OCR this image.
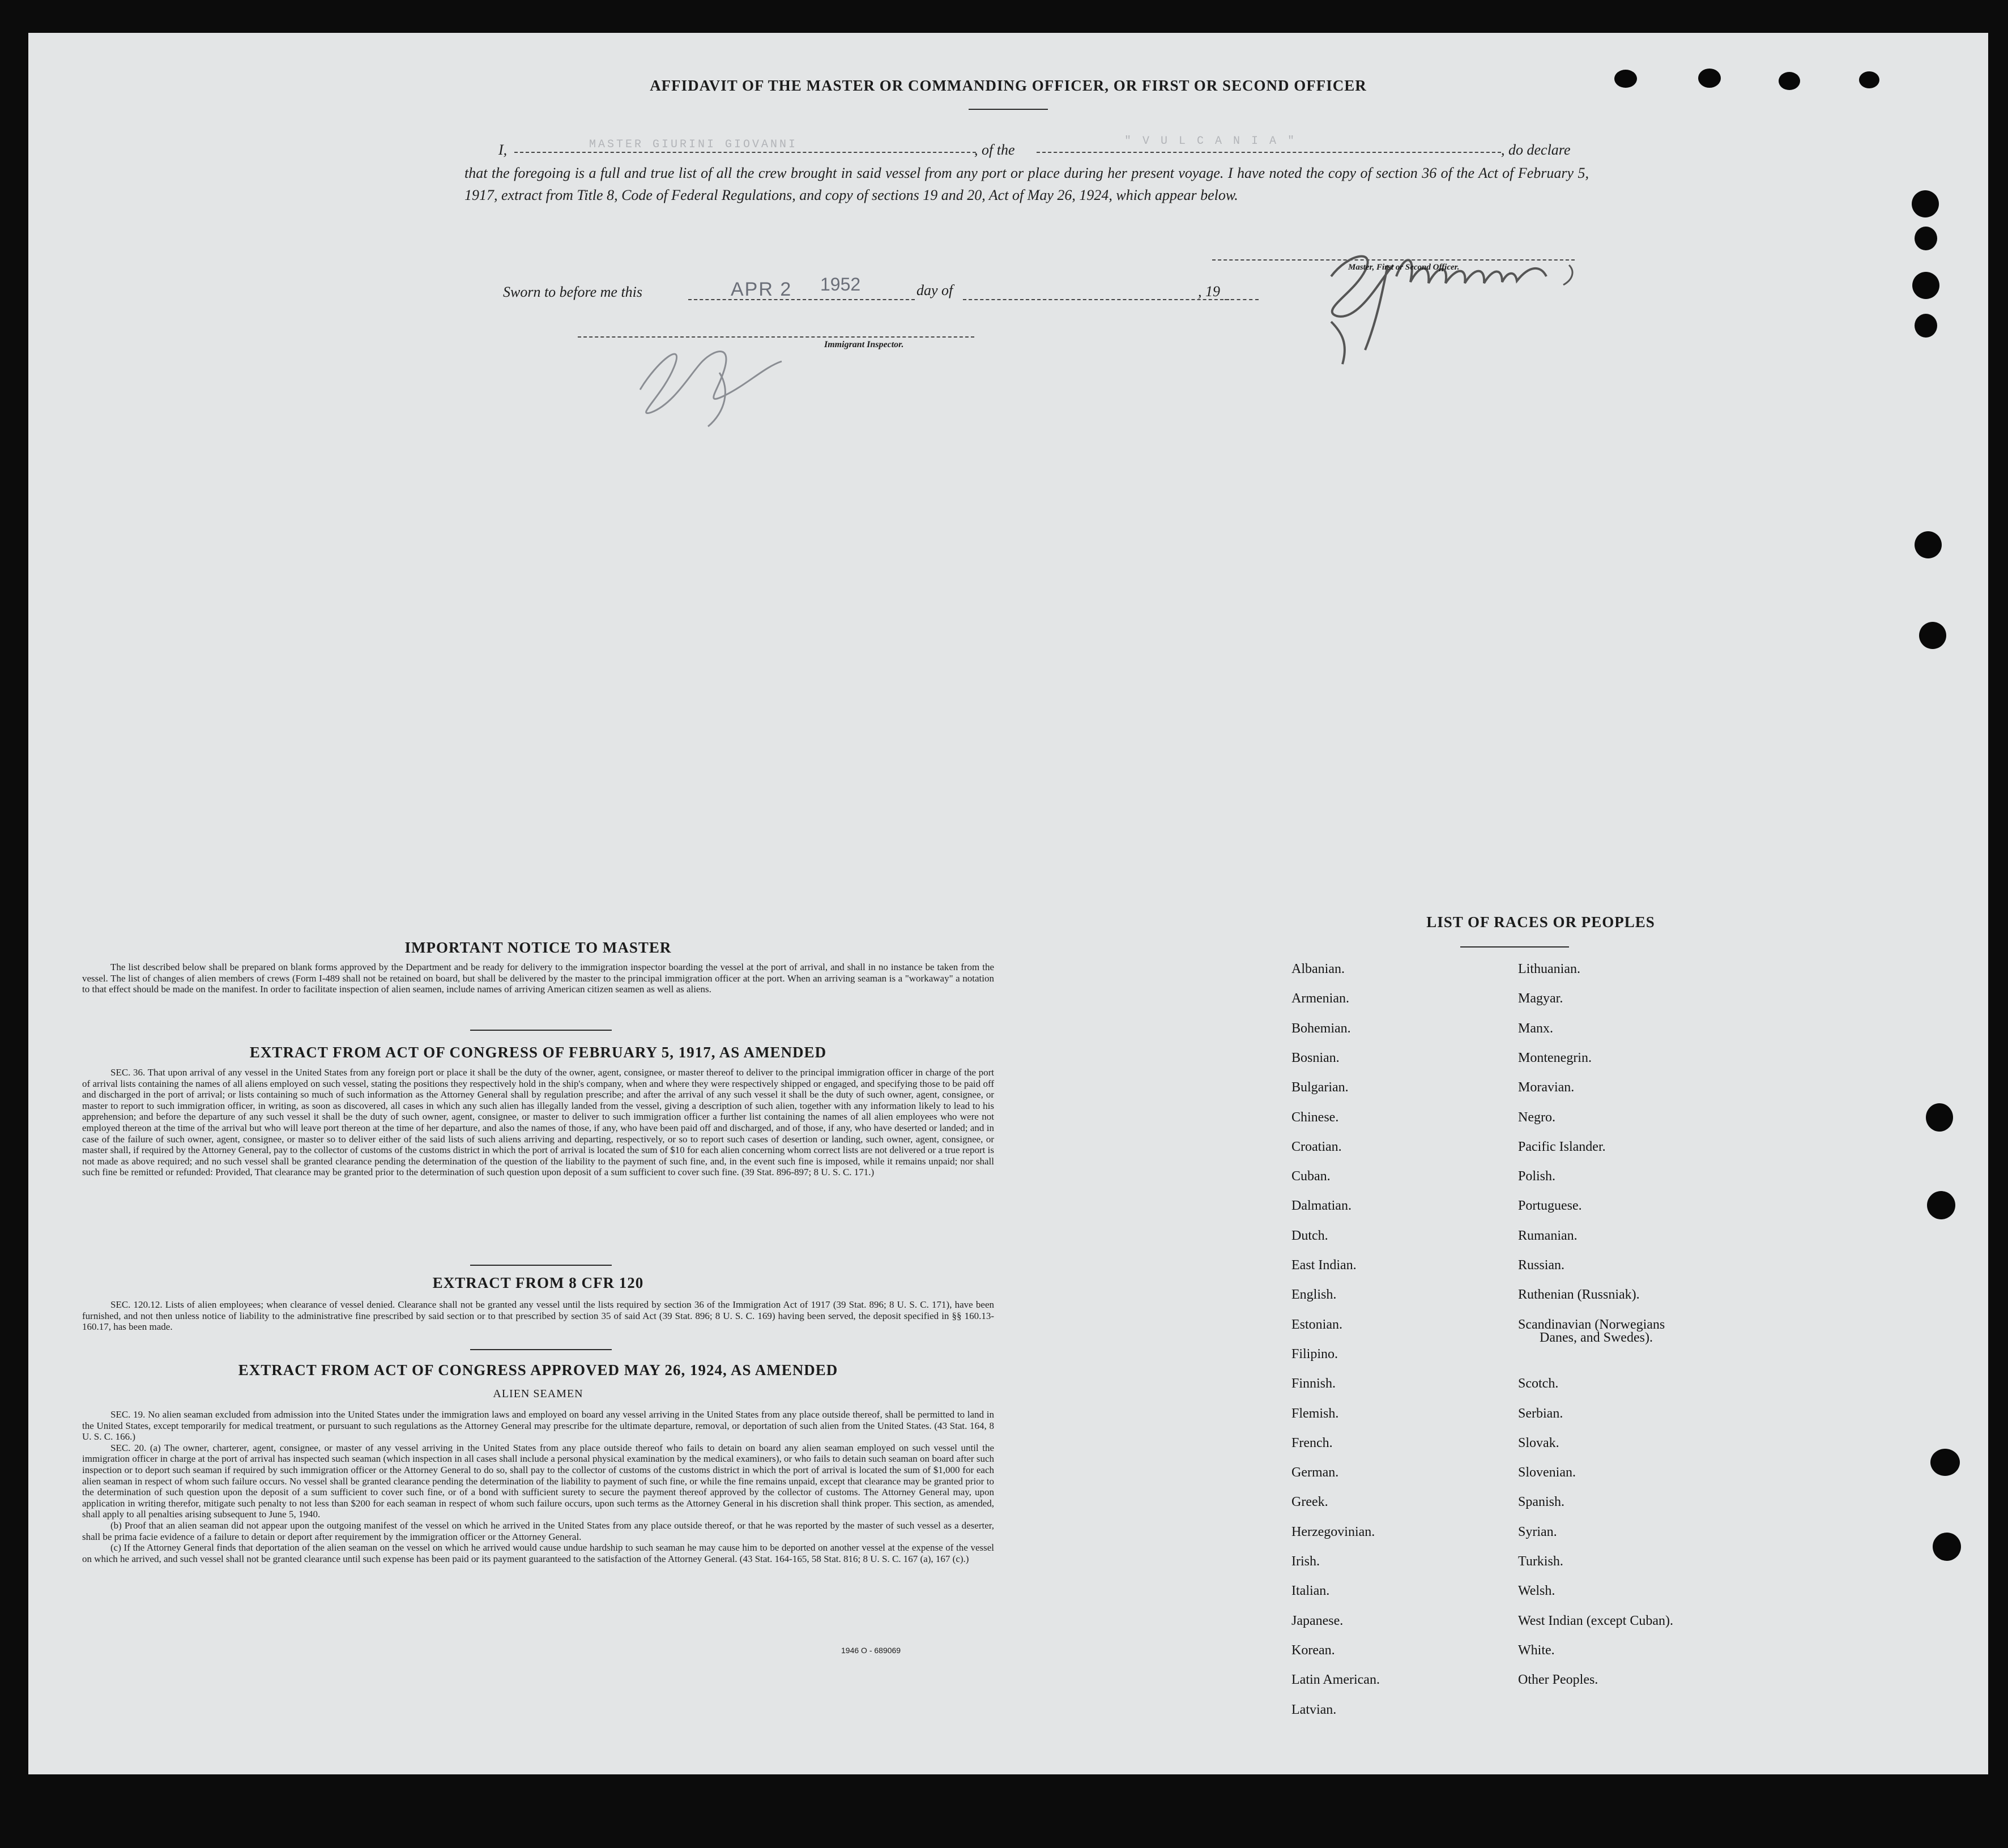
AFFIDAVIT OF THE MASTER OR COMMANDING OFFICER, OR FIRST OR SECOND OFFICER
I,	MASTER GIURINI GIOVANNI	, of the
" V U L C A N I A "
, do declare
that the foregoing is a full and true list of all the crew brought in said vessel from any port or place during her present voyage. I have noted the copy of section 36 of the Act of February 5, 1917, extract from Title 8, Code of Federal Regulations, and copy of sections 19 and 20, Act of May 26, 1924, which appear below.
Master, First or Second Officer.
Sworn to before me this	APR 2 1952	day of	, 19
Immigrant Inspector.
IMPORTANT NOTICE TO MASTER

The list described below shall be prepared on blank forms approved by the Department and be ready for delivery to the immigration inspector boarding the vessel at the port of arrival, and shall in no instance be taken from the vessel. The list of changes of alien members of crews (Form I-489 shall not be retained on board, but shall be delivered by the master to the principal immigration officer at the port. When an arriving seaman is a "workaway" a notation to that effect should be made on the manifest. In order to facilitate inspection of alien seamen, include names of arriving American citizen seamen as well as aliens.

EXTRACT FROM ACT OF CONGRESS OF FEBRUARY 5, 1917, AS AMENDED

SEC. 36. That upon arrival of any vessel in the United States from any foreign port or place it shall be the duty of the owner, agent, consignee, or master thereof to deliver to the principal immigration officer in charge of the port of arrival lists containing the names of all aliens employed on such vessel, stating the positions they respectively hold in the ship's company, when and where they were respectively shipped or engaged, and specifying those to be paid off and discharged in the port of arrival; or lists containing so much of such information as the Attorney General shall by regulation prescribe; and after the arrival of any such vessel it shall be the duty of such owner, agent, consignee, or master to report to such immigration officer, in writing, as soon as discovered, all cases in which any such alien has illegally landed from the vessel, giving a description of such alien, together with any information likely to lead to his apprehension; and before the departure of any such vessel it shall be the duty of such owner, agent, consignee, or master to deliver to such immigration officer a further list containing the names of all alien employees who were not employed thereon at the time of the arrival but who will leave port thereon at the time of her departure, and also the names of those, if any, who have been paid off and discharged, and of those, if any, who have deserted or landed; and in case of the failure of such owner, agent, consignee, or master so to deliver either of the said lists of such aliens arriving and departing, respectively, or so to report such cases of desertion or landing, such owner, agent, consignee, or master shall, if required by the Attorney General, pay to the collector of customs of the customs district in which the port of arrival is located the sum of $10 for each alien concerning whom correct lists are not delivered or a true report is not made as above required; and no such vessel shall be granted clearance pending the determination of the question of the liability to the payment of such fine, and, in the event such fine is imposed, while it remains unpaid; nor shall such fine be remitted or refunded: Provided, That clearance may be granted prior to the determination of such question upon deposit of a sum sufficient to cover such fine. (39 Stat. 896-897; 8 U. S. C. 171.)

EXTRACT FROM 8 CFR 120

SEC. 120.12. Lists of alien employees; when clearance of vessel denied. Clearance shall not be granted any vessel until the lists required by section 36 of the Immigration Act of 1917 (39 Stat. 896; 8 U. S. C. 171), have been furnished, and not then unless notice of liability to the administrative fine prescribed by said section or to that prescribed by section 35 of said Act (39 Stat. 896; 8 U. S. C. 169) having been served, the deposit specified in §§ 160.13-160.17, has been made.

EXTRACT FROM ACT OF CONGRESS APPROVED MAY 26, 1924, AS AMENDED
ALIEN SEAMEN

SEC. 19. No alien seaman excluded from admission into the United States under the immigration laws and employed on board any vessel arriving in the United States from any place outside thereof, shall be permitted to land in the United States, except temporarily for medical treatment, or pursuant to such regulations as the Attorney General may prescribe for the ultimate departure, removal, or deportation of such alien from the United States. (43 Stat. 164, 8 U. S. C. 166.)

SEC. 20. (a) The owner, charterer, agent, consignee, or master of any vessel arriving in the United States from any place outside thereof who fails to detain on board any alien seaman employed on such vessel until the immigration officer in charge at the port of arrival has inspected such seaman (which inspection in all cases shall include a personal physical examination by the medical examiners), or who fails to detain such seaman on board after such inspection or to deport such seaman if required by such immigration officer or the Attorney General to do so, shall pay to the collector of customs of the customs district in which the port of arrival is located the sum of $1,000 for each alien seaman in respect of whom such failure occurs. No vessel shall be granted clearance pending the determination of the liability to payment of such fine, or while the fine remains unpaid, except that clearance may be granted prior to the determination of such question upon the deposit of a sum sufficient to cover such fine, or of a bond with sufficient surety to secure the payment thereof approved by the collector of customs. The Attorney General may, upon application in writing therefor, mitigate such penalty to not less than $200 for each seaman in respect of whom such failure occurs, upon such terms as the Attorney General in his discretion shall think proper. This section, as amended, shall apply to all penalties arising subsequent to June 5, 1940.

(b) Proof that an alien seaman did not appear upon the outgoing manifest of the vessel on which he arrived in the United States from any place outside thereof, or that he was reported by the master of such vessel as a deserter, shall be prima facie evidence of a failure to detain or deport after requirement by the immigration officer or the Attorney General.

(c) If the Attorney General finds that deportation of the alien seaman on the vessel on which he arrived would cause undue hardship to such seaman he may cause him to be deported on another vessel at the expense of the vessel on which he arrived, and such vessel shall not be granted clearance until such expense has been paid or its payment guaranteed to the satisfaction of the Attorney General. (43 Stat. 164-165, 58 Stat. 816; 8 U. S. C. 167 (a), 167 (c).)

1946 O - 689069
LIST OF RACES OR PEOPLES
Albanian.
Armenian.
Bohemian.
Bosnian.
Bulgarian.
Chinese.
Croatian.
Cuban.
Dalmatian.
Dutch.
East Indian.
English.
Estonian.
Filipino.
Finnish.
Flemish.
French.
German.
Greek.
Herzegovinian.
Irish.
Italian.
Japanese.
Korean.
Latin American.
Latvian.
Lithuanian.
Magyar.
Manx.
Montenegrin.
Moravian.
Negro.
Pacific Islander.
Polish.
Portuguese.
Rumanian.
Russian.
Ruthenian (Russniak).
Scandinavian (Norwegians
Danes, and Swedes).
Scotch.
Serbian.
Slovak.
Slovenian.
Spanish.
Syrian.
Turkish.
Welsh.
West Indian (except Cuban).
White.
Other Peoples.
